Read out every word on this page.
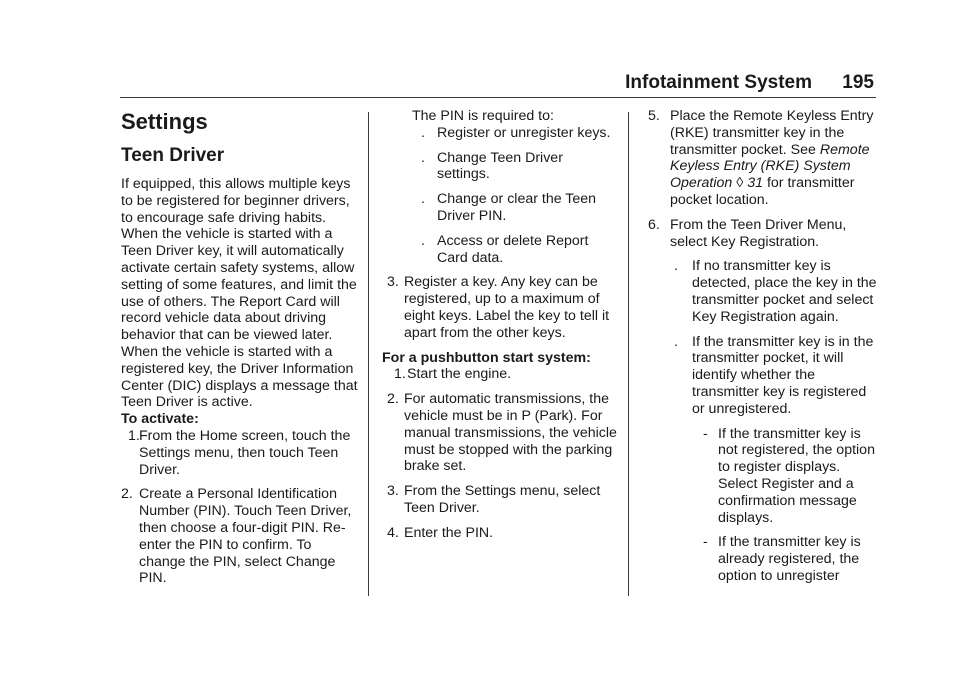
Infotainment System 195
Settings
Teen Driver

If equipped, this allows multiple keys to be registered for beginner drivers, to encourage safe driving habits. When the vehicle is started with a Teen Driver key, it will automatically activate certain safety systems, allow setting of some features, and limit the use of others. The Report Card will record vehicle data about driving behavior that can be viewed later. When the vehicle is started with a registered key, the Driver Information Center (DIC) displays a message that Teen Driver is active.

To activate:

1. From the Home screen, touch the Settings menu, then touch Teen Driver.

2. Create a Personal Identification Number (PIN). Touch Teen Driver, then choose a four-digit PIN. Re-enter the PIN to confirm. To change the PIN, select Change PIN.

The PIN is required to:

. Register or unregister keys.

. Change Teen Driver settings.

. Change or clear the Teen Driver PIN.

. Access or delete Report Card data.

3. Register a key. Any key can be registered, up to a maximum of eight keys. Label the key to tell it apart from the other keys.

For a pushbutton start system:

1. Start the engine.

2. For automatic transmissions, the vehicle must be in P (Park). For manual transmissions, the vehicle must be stopped with the parking brake set.

3. From the Settings menu, select Teen Driver.

4. Enter the PIN.

5. Place the Remote Keyless Entry (RKE) transmitter key in the transmitter pocket. See Remote Keyless Entry (RKE) System Operation ◊ 31 for transmitter pocket location.

6. From the Teen Driver Menu, select Key Registration.

. If no transmitter key is detected, place the key in the transmitter pocket and select Key Registration again.

. If the transmitter key is in the transmitter pocket, it will identify whether the transmitter key is registered or unregistered.

- If the transmitter key is not registered, the option to register displays. Select Register and a confirmation message displays.

- If the transmitter key is already registered, the option to unregister
